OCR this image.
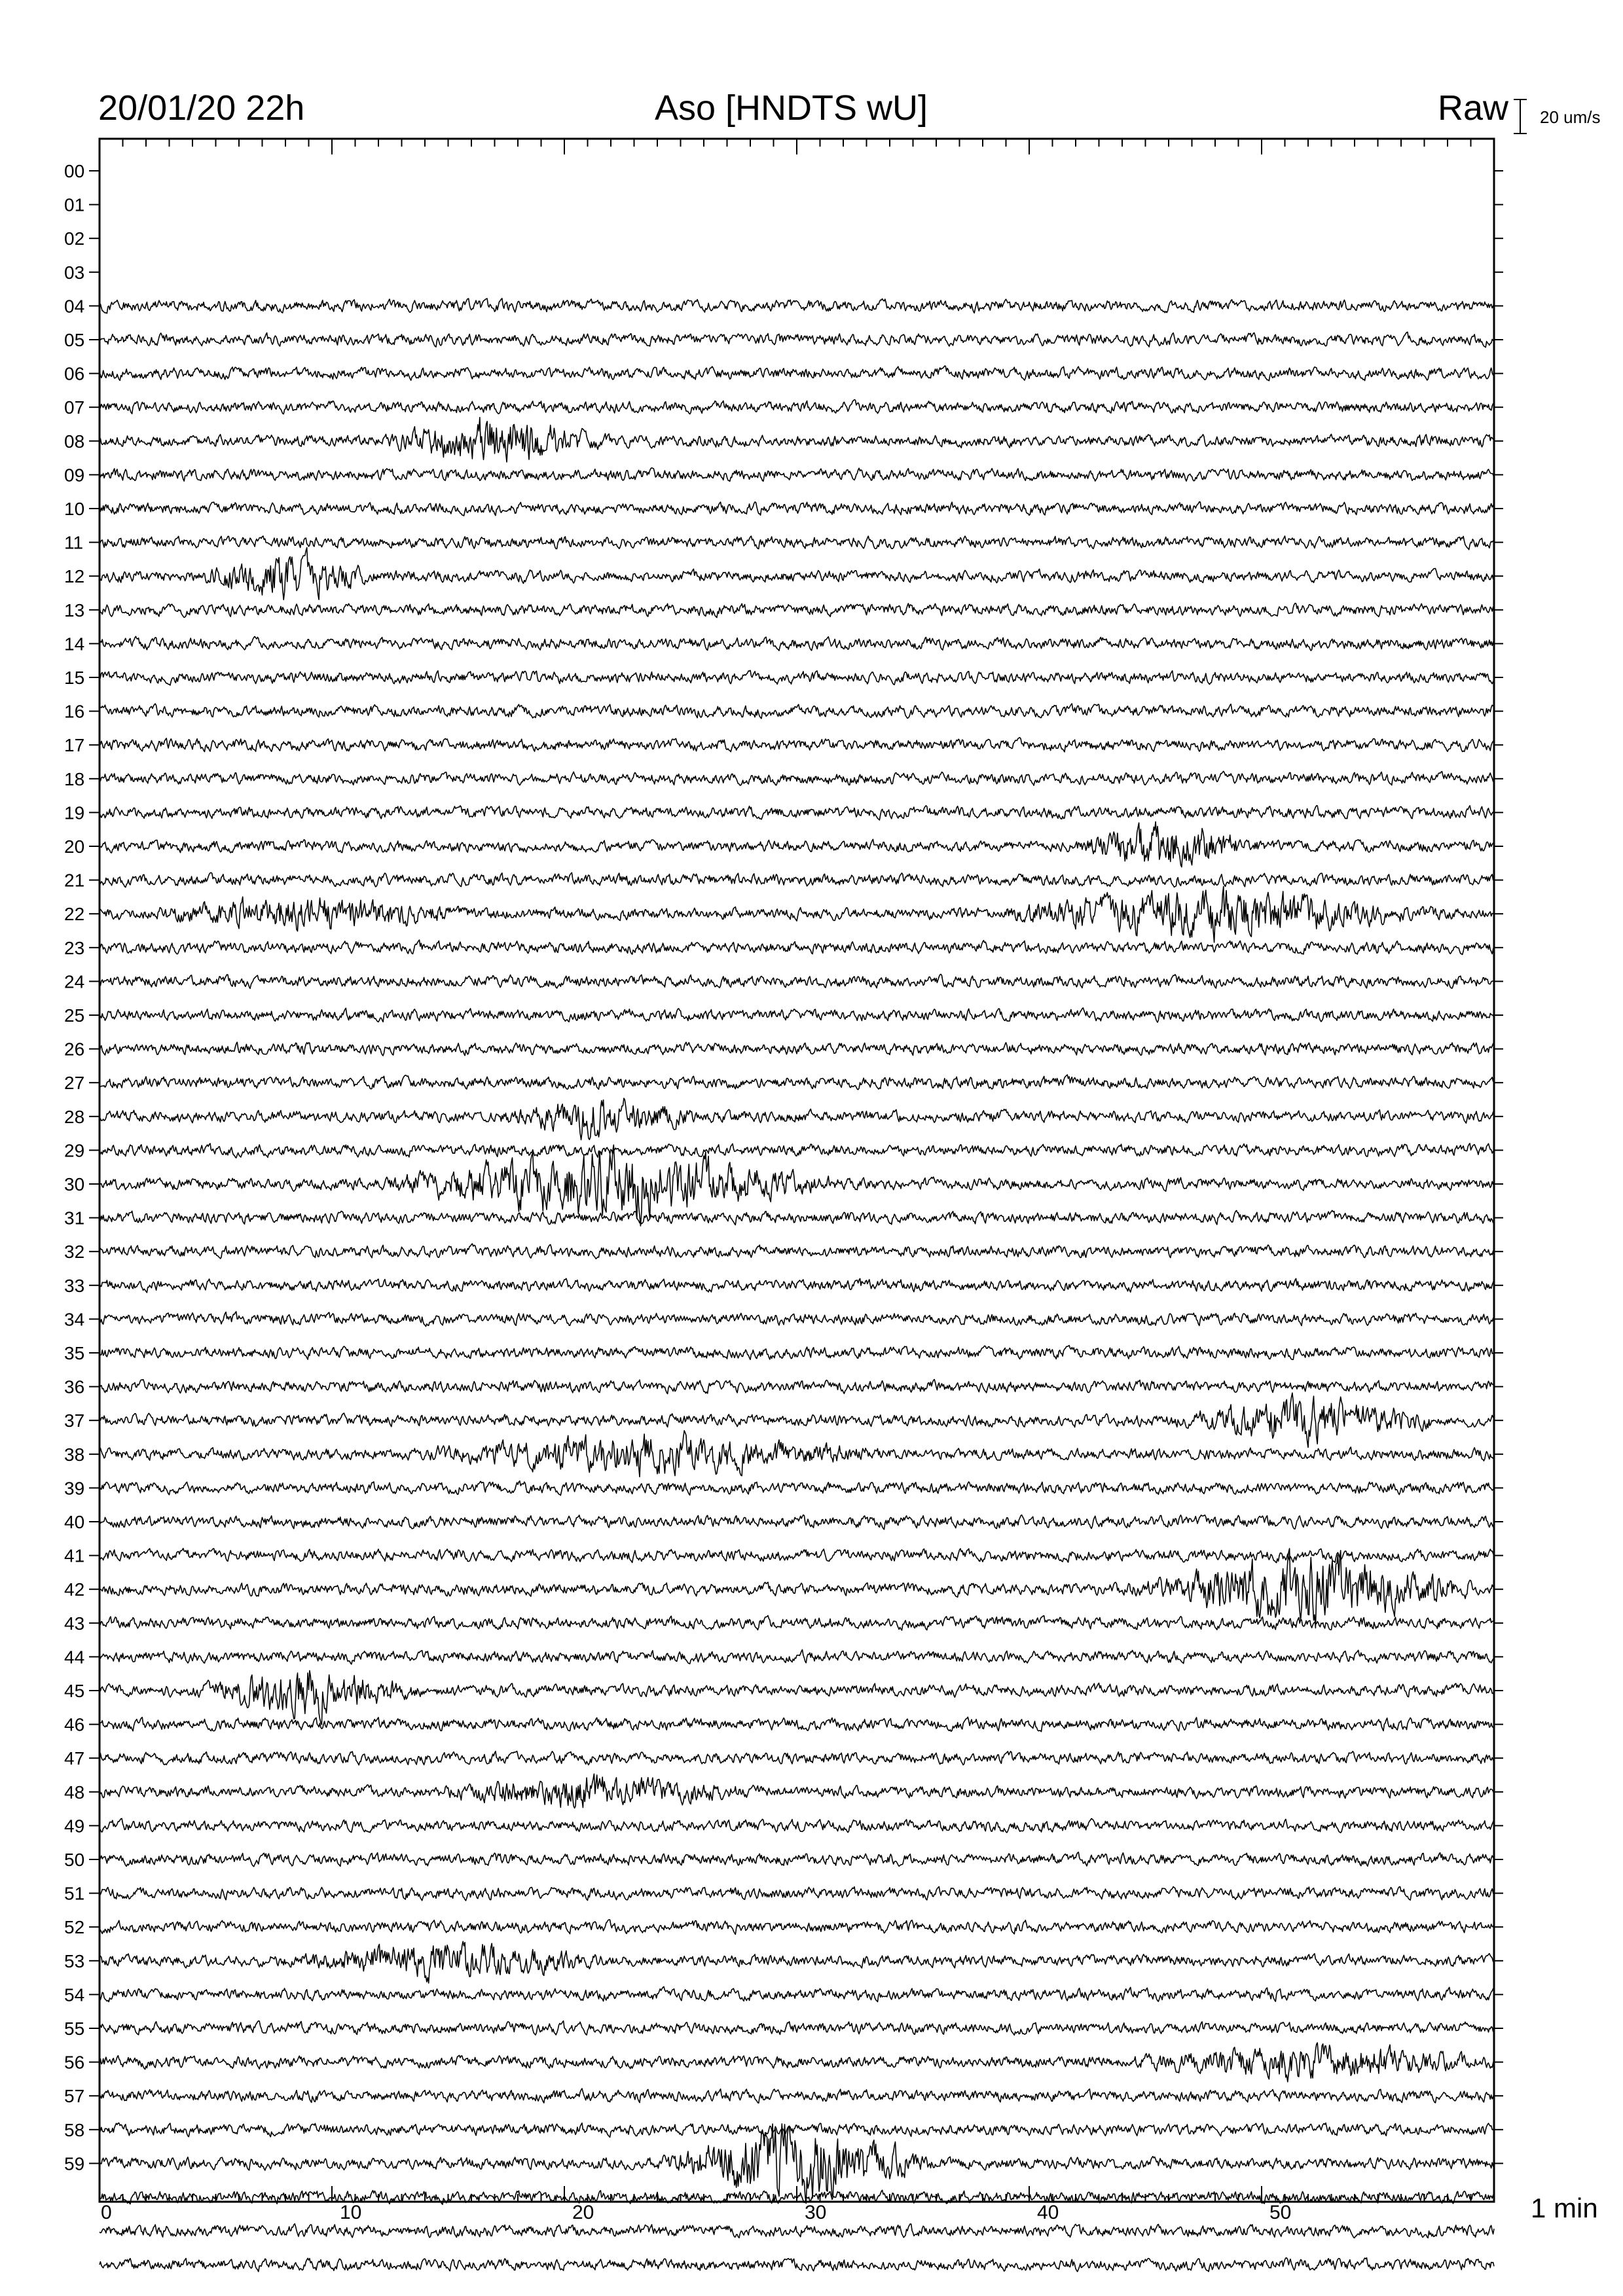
0	10	20	30	40	50
00
01
02
03
04
05
06
07
08
09
10
11
12
13
14
15
16
17
18
19
20
21
22
23
24
25
26
27
28
29
30
31
32
33
34
35
36
37
38
39
40
41
42
43
44
45
46
47
48
49
50
51
52
53
54
55
56
57
58
59
20/01/20 22h	Aso [HNDTS wU]	Raw 20 um/s
1 min
